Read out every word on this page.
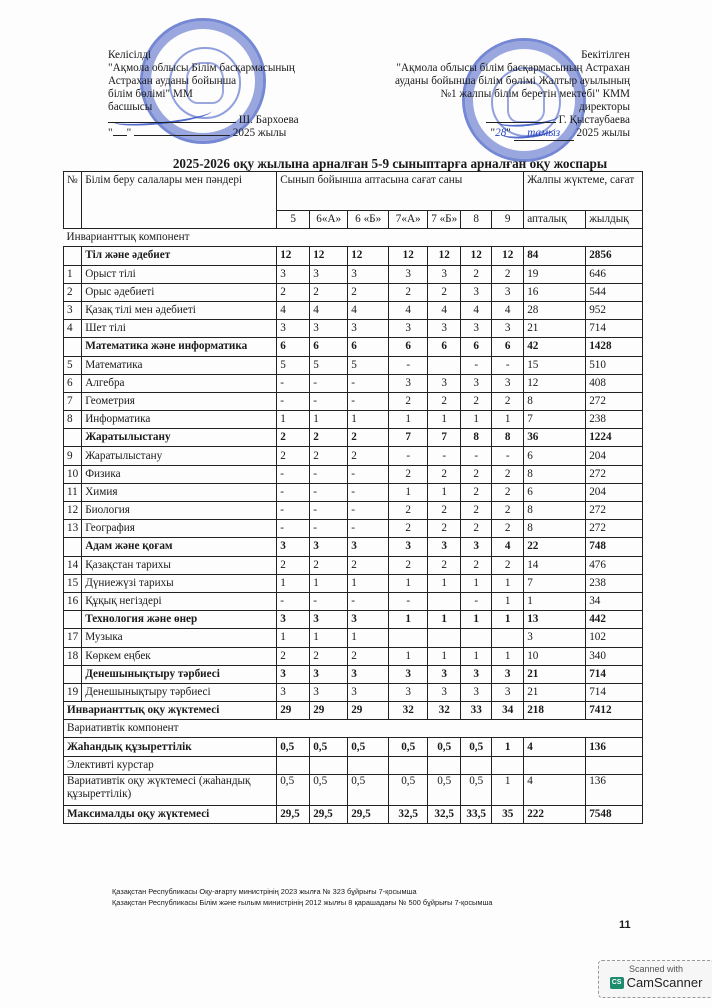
Келісілді
"Ақмола облысы Білім басқармасының
Астрахан ауданы бойынша
білім бөлімі" ММ
басшысы
Ш. Бархоева
" "	2025 жылы
Бекітілген
"Ақмола облысы білім басқармасының Астрахан
ауданы бойынша білім бөлімі Жалтыр ауылының
№1 жалпы білім беретін мектебі" КММ
директоры
Г. Қыстаубаева
"28" тамыз 2025 жылы
2025-2026 оқу жылына арналған 5-9 сыныптарға арналған оқу жоспары
№	Білім беру салалары мен пәндері	Сынып бойынша аптасына сағат саны							Жалпы жүктеме, сағат	
		5	6«А»	6 «Б»	7«А»	7 «Б»	8	9	апталық	жылдық
Инварианттық компонент										
	Тіл және әдебиет	12	12	12	12	12	12	12	84	2856
1	Орыст тілі	3	3	3	3	3	2	2	19	646
2	Орыс әдебиеті	2	2	2	2	2	3	3	16	544
3	Қазақ тілі мен әдебиеті	4	4	4	4	4	4	4	28	952
4	Шет тілі	3	3	3	3	3	3	3	21	714
	Математика және информатика	6	6	6	6	6	6	6	42	1428
5	Математика	5	5	5	-		-	-	15	510
6	Алгебра	-	-	-	3	3	3	3	12	408
7	Геометрия	-	-	-	2	2	2	2	8	272
8	Информатика	1	1	1	1	1	1	1	7	238
	Жаратылыстану	2	2	2	7	7	8	8	36	1224
9	Жаратылыстану	2	2	2	-	-	-	-	6	204
10	Физика	-	-	-	2	2	2	2	8	272
11	Химия	-	-	-	1	1	2	2	6	204
12	Биология	-	-	-	2	2	2	2	8	272
13	География	-	-	-	2	2	2	2	8	272
	Адам және қоғам	3	3	3	3	3	3	4	22	748
14	Қазақстан тарихы	2	2	2	2	2	2	2	14	476
15	Дүниежүзі тарихы	1	1	1	1	1	1	1	7	238
16	Құқық негіздері	-	-	-	-		-	1	1	34
	Технология және өнер	3	3	3	1	1	1	1	13	442
17	Музыка	1	1	1					3	102
18	Көркем еңбек	2	2	2	1	1	1	1	10	340
	Денешынықтыру тәрбиесі	3	3	3	3	3	3	3	21	714
19	Денешынықтыру тәрбиесі	3	3	3	3	3	3	3	21	714
Инварианттық оқу жүктемесі		29	29	29	32	32	33	34	218	7412
Вариативтік компонент										
Жаһандық құзыреттілік		0,5	0,5	0,5	0,5	0,5	0,5	1	4	136
Элективті курстар										
Вариативтік оқу жүктемесі (жаһандық құзыреттілік)		0,5	0,5	0,5	0,5	0,5	0,5	1	4	136
Максималды оқу жүктемесі		29,5	29,5	29,5	32,5	32,5	33,5	35	222	7548
Қазақстан Республикасы Оқу-ағарту министрінің 2023 жылға № 323 бұйрығы 7-қосымша
Қазақстан Республикасы Білім және ғылым министрінің 2012 жылғы 8 қарашадағы № 500 бұйрығы 7-қосымша
11
Scanned with
CS CamScanner
